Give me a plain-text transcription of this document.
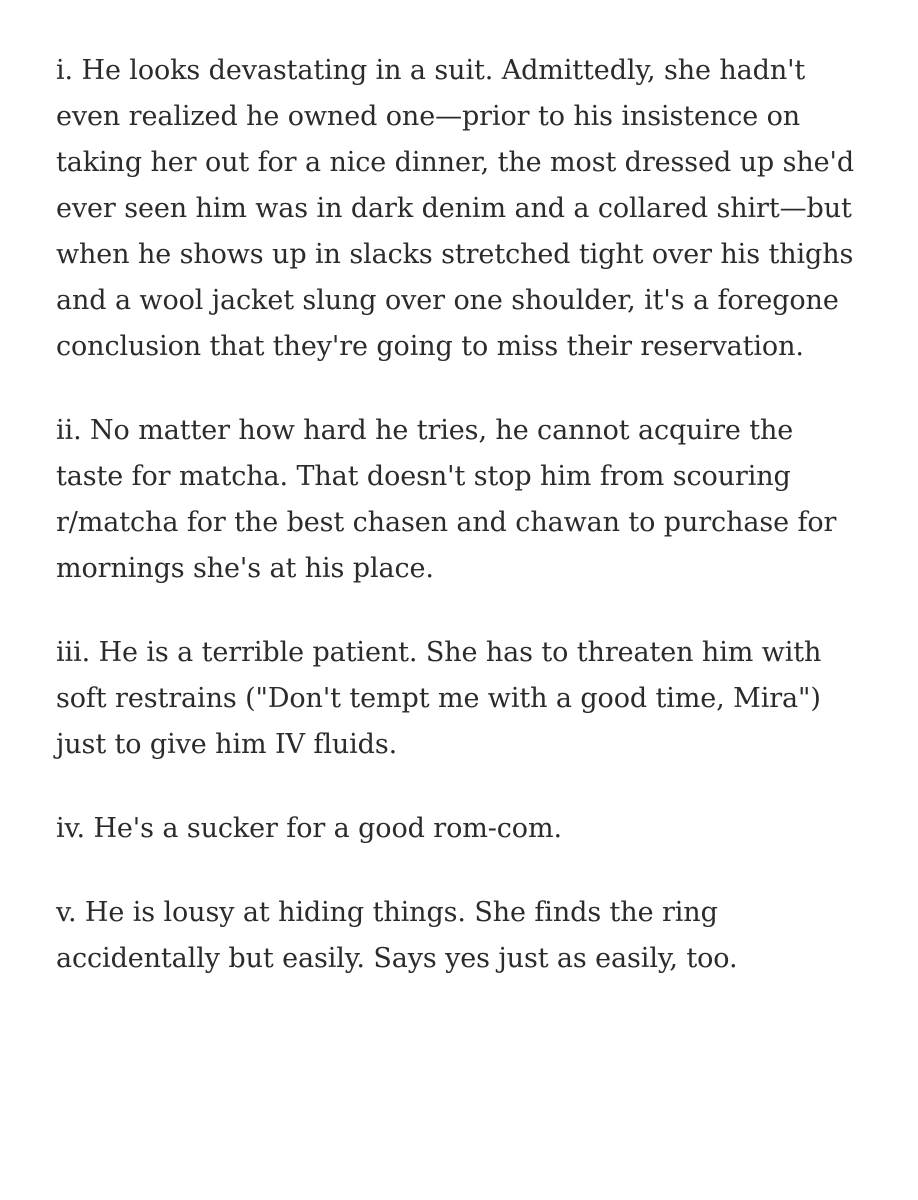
i. He looks devastating in a suit. Admittedly, she hadn't
even realized he owned one—prior to his insistence on
taking her out for a nice dinner, the most dressed up she'd
ever seen him was in dark denim and a collared shirt—but
when he shows up in slacks stretched tight over his thighs
and a wool jacket slung over one shoulder, it's a foregone
conclusion that they're going to miss their reservation.

ii. No matter how hard he tries, he cannot acquire the
taste for matcha. That doesn't stop him from scouring
r/matcha for the best chasen and chawan to purchase for
mornings she's at his place.

iii. He is a terrible patient. She has to threaten him with
soft restrains ("Don't tempt me with a good time, Mira")
just to give him IV fluids.

iv. He's a sucker for a good rom-com.

v. He is lousy at hiding things. She finds the ring
accidentally but easily. Says yes just as easily, too.
